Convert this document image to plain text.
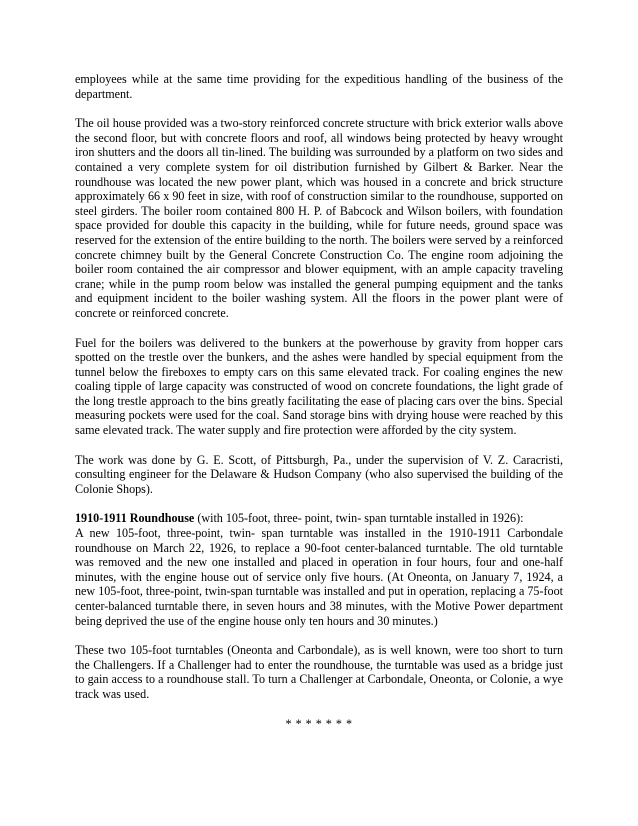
employees while at the same time providing for the expeditious handling of the business of the department.

The oil house provided was a two-story reinforced concrete structure with brick exterior walls above the second floor, but with concrete floors and roof, all windows being protected by heavy wrought iron shutters and the doors all tin-lined. The building was surrounded by a platform on two sides and contained a very complete system for oil distribution furnished by Gilbert & Barker. Near the roundhouse was located the new power plant, which was housed in a concrete and brick structure approximately 66 x 90 feet in size, with roof of construction similar to the roundhouse, supported on steel girders. The boiler room contained 800 H. P. of Babcock and Wilson boilers, with foundation space provided for double this capacity in the building, while for future needs, ground space was reserved for the extension of the entire building to the north. The boilers were served by a reinforced concrete chimney built by the General Concrete Construction Co. The engine room adjoining the boiler room contained the air compressor and blower equipment, with an ample capacity traveling crane; while in the pump room below was installed the general pumping equipment and the tanks and equipment incident to the boiler washing system. All the floors in the power plant were of concrete or reinforced concrete.

Fuel for the boilers was delivered to the bunkers at the powerhouse by gravity from hopper cars spotted on the trestle over the bunkers, and the ashes were handled by special equipment from the tunnel below the fireboxes to empty cars on this same elevated track. For coaling engines the new coaling tipple of large capacity was constructed of wood on concrete foundations, the light grade of the long trestle approach to the bins greatly facilitating the ease of placing cars over the bins. Special measuring pockets were used for the coal. Sand storage bins with drying house were reached by this same elevated track. The water supply and fire protection were afforded by the city system.

The work was done by G. E. Scott, of Pittsburgh, Pa., under the supervision of V. Z. Caracristi, consulting engineer for the Delaware & Hudson Company (who also supervised the building of the Colonie Shops).

1910-1911 Roundhouse (with 105-foot, three- point, twin- span turntable installed in 1926):

A new 105-foot, three-point, twin- span turntable was installed in the 1910-1911 Carbondale roundhouse on March 22, 1926, to replace a 90-foot center-balanced turntable. The old turntable was removed and the new one installed and placed in operation in four hours, four and one-half minutes, with the engine house out of service only five hours. (At Oneonta, on January 7, 1924, a new 105-foot, three-point, twin-span turntable was installed and put in operation, replacing a 75-foot center-balanced turntable there, in seven hours and 38 minutes, with the Motive Power department being deprived the use of the engine house only ten hours and 30 minutes.)

These two 105-foot turntables (Oneonta and Carbondale), as is well known, were too short to turn the Challengers. If a Challenger had to enter the roundhouse, the turntable was used as a bridge just to gain access to a roundhouse stall. To turn a Challenger at Carbondale, Oneonta, or Colonie, a wye track was used.

* * * * * * *
